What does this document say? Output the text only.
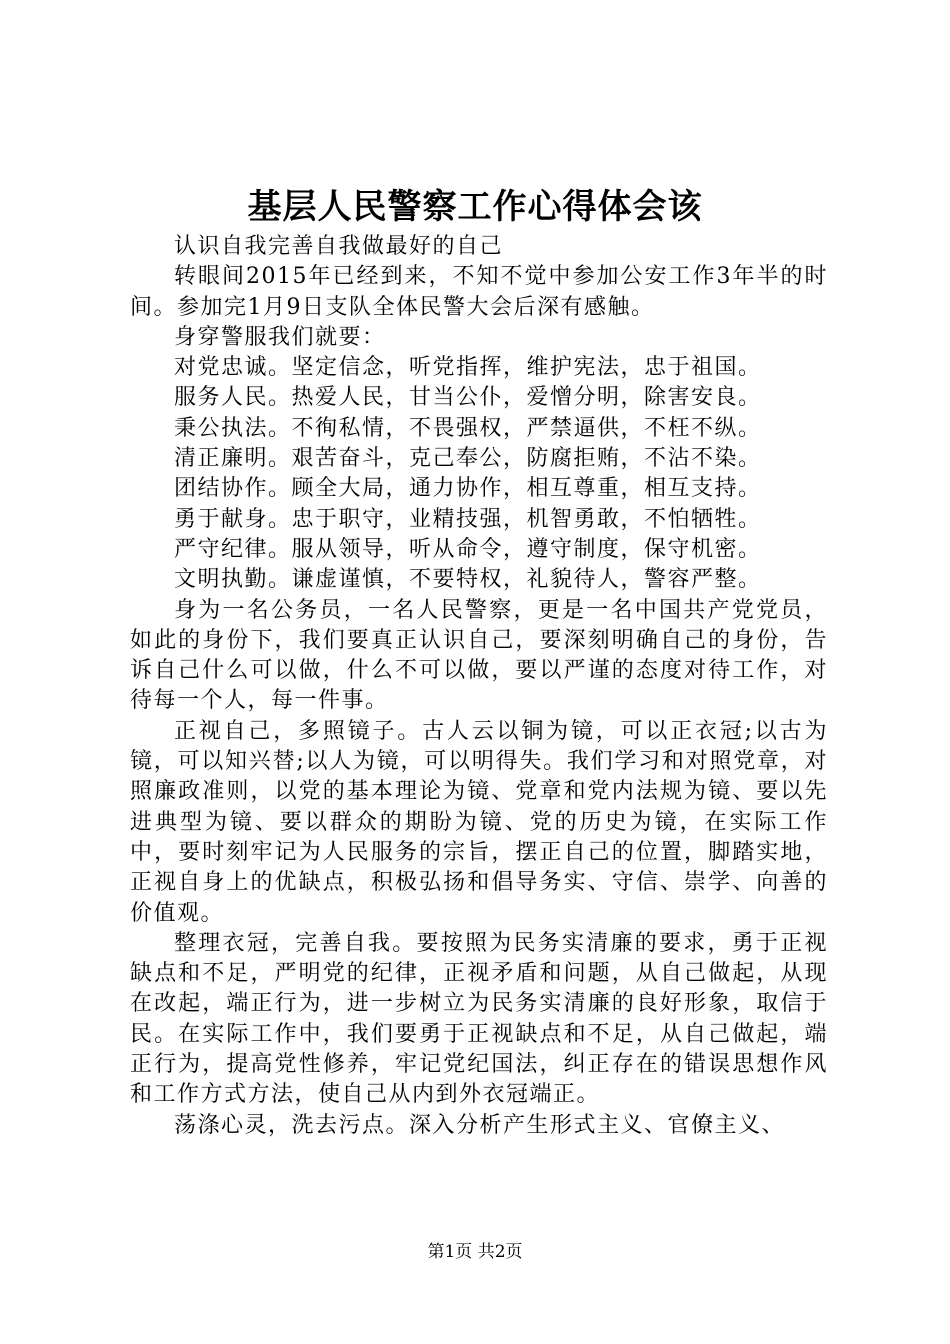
基层人民警察工作心得体会该

认识自我完善自我做最好的自己

转眼间2015年已经到来，不知不觉中参加公安工作3年半的时间。参加完1月9日支队全体民警大会后深有感触。

身穿警服我们就要：

对党忠诚。坚定信念，听党指挥，维护宪法，忠于祖国。

服务人民。热爱人民，甘当公仆，爱憎分明，除害安良。

秉公执法。不徇私情，不畏强权，严禁逼供，不枉不纵。

清正廉明。艰苦奋斗，克己奉公，防腐拒贿，不沾不染。

团结协作。顾全大局，通力协作，相互尊重，相互支持。

勇于献身。忠于职守，业精技强，机智勇敢，不怕牺牲。

严守纪律。服从领导，听从命令，遵守制度，保守机密。

文明执勤。谦虚谨慎，不要特权，礼貌待人，警容严整。

身为一名公务员，一名人民警察，更是一名中国共产党党员，如此的身份下，我们要真正认识自己，要深刻明确自己的身份，告诉自己什么可以做，什么不可以做，要以严谨的态度对待工作，对待每一个人，每一件事。

正视自己，多照镜子。古人云以铜为镜，可以正衣冠;以古为镜，可以知兴替;以人为镜，可以明得失。我们学习和对照党章，对照廉政准则，以党的基本理论为镜、党章和党内法规为镜、要以先进典型为镜、要以群众的期盼为镜、党的历史为镜，在实际工作中，要时刻牢记为人民服务的宗旨，摆正自己的位置，脚踏实地，正视自身上的优缺点，积极弘扬和倡导务实、守信、崇学、向善的价值观。

整理衣冠，完善自我。要按照为民务实清廉的要求，勇于正视缺点和不足，严明党的纪律，正视矛盾和问题，从自己做起，从现在改起，端正行为，进一步树立为民务实清廉的良好形象，取信于民。在实际工作中，我们要勇于正视缺点和不足，从自己做起，端正行为，提高党性修养，牢记党纪国法，纠正存在的错误思想作风和工作方式方法，使自己从内到外衣冠端正。

荡涤心灵，洗去污点。深入分析产生形式主义、官僚主义、

第1页 共2页
